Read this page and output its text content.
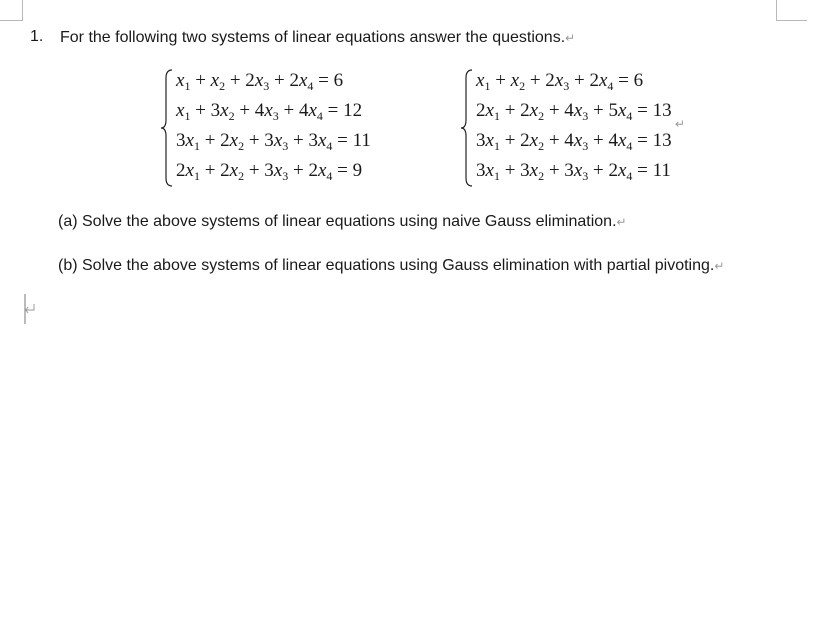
1. For the following two systems of linear equations answer the questions.↵
$x_1 + x_2 + 2x_3 + 2x_4 = 6$
$x_1 + 3x_2 + 4x_3 + 4x_4 = 12$
$3x_1 + 2x_2 + 3x_3 + 3x_4 = 11$
$2x_1 + 2x_2 + 3x_3 + 2x_4 = 9$
$x_1 + x_2 + 2x_3 + 2x_4 = 6$
$2x_1 + 2x_2 + 4x_3 + 5x_4 = 13$
$3x_1 + 2x_2 + 4x_3 + 4x_4 = 13$
$3x_1 + 3x_2 + 3x_3 + 2x_4 = 11$
↵
(a) Solve the above systems of linear equations using naive Gauss elimination.↵
(b) Solve the above systems of linear equations using Gauss elimination with partial pivoting.↵
